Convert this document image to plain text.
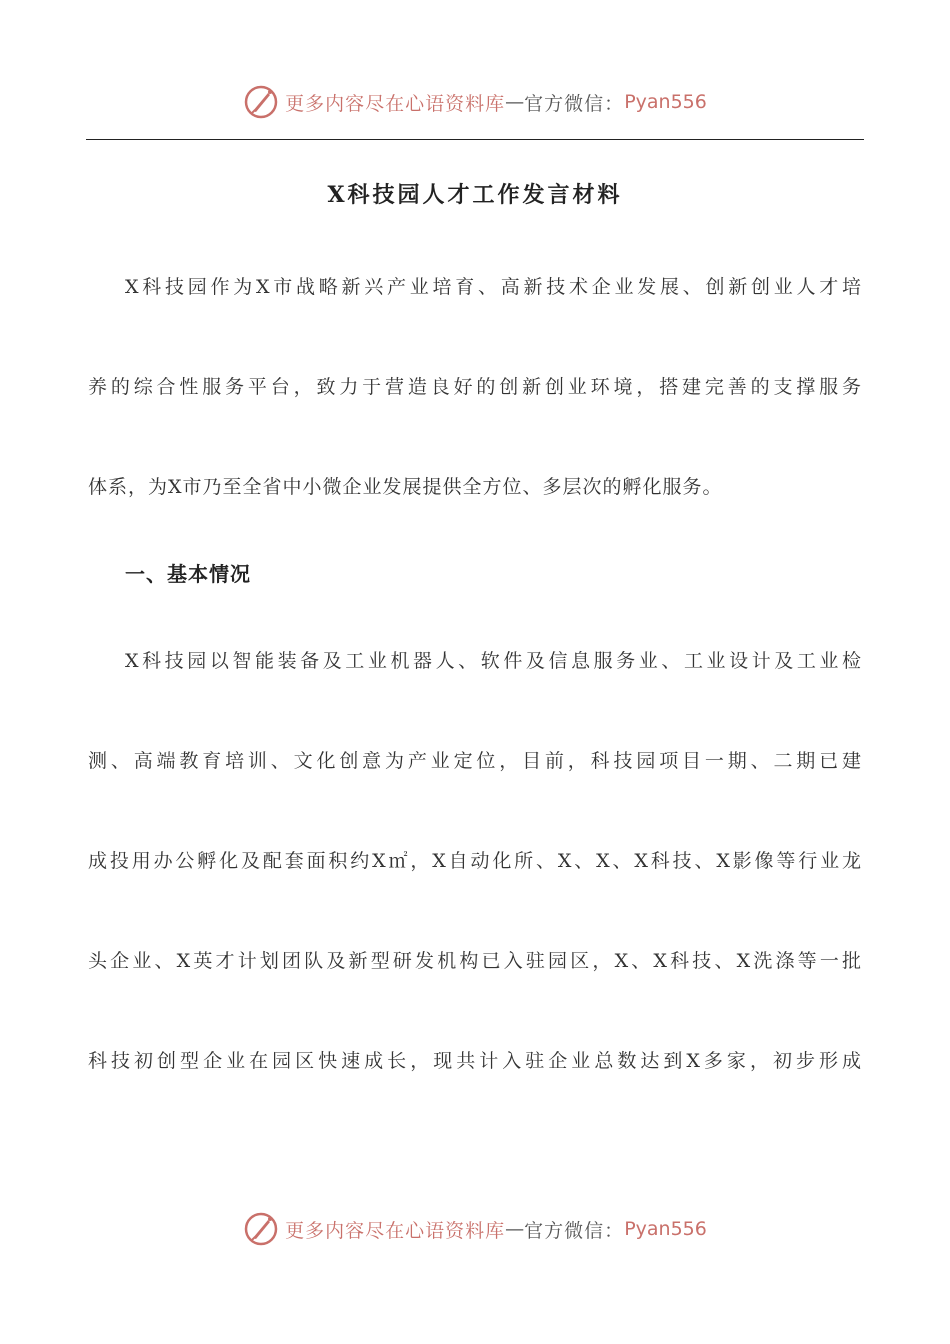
更多内容尽在心语资料库 — 官方微信： Pyan556
X科技园人才工作发言材料

X科技园作为X市战略新兴产业培育、高新技术企业发展、创新创业人才培

养的综合性服务平台，致力于营造良好的创新创业环境，搭建完善的支撑服务

体系，为X市乃至全省中小微企业发展提供全方位、多层次的孵化服务。

一、基本情况

X科技园以智能装备及工业机器人、软件及信息服务业、工业设计及工业检

测、高端教育培训、文化创意为产业定位，目前，科技园项目一期、二期已建

成投用办公孵化及配套面积约X㎡，X自动化所、X、X、X科技、X影像等行业龙

头企业、X英才计划团队及新型研发机构已入驻园区，X、X科技、X洗涤等一批

科技初创型企业在园区快速成长，现共计入驻企业总数达到X多家，初步形成

更多内容尽在心语资料库 — 官方微信： Pyan556
